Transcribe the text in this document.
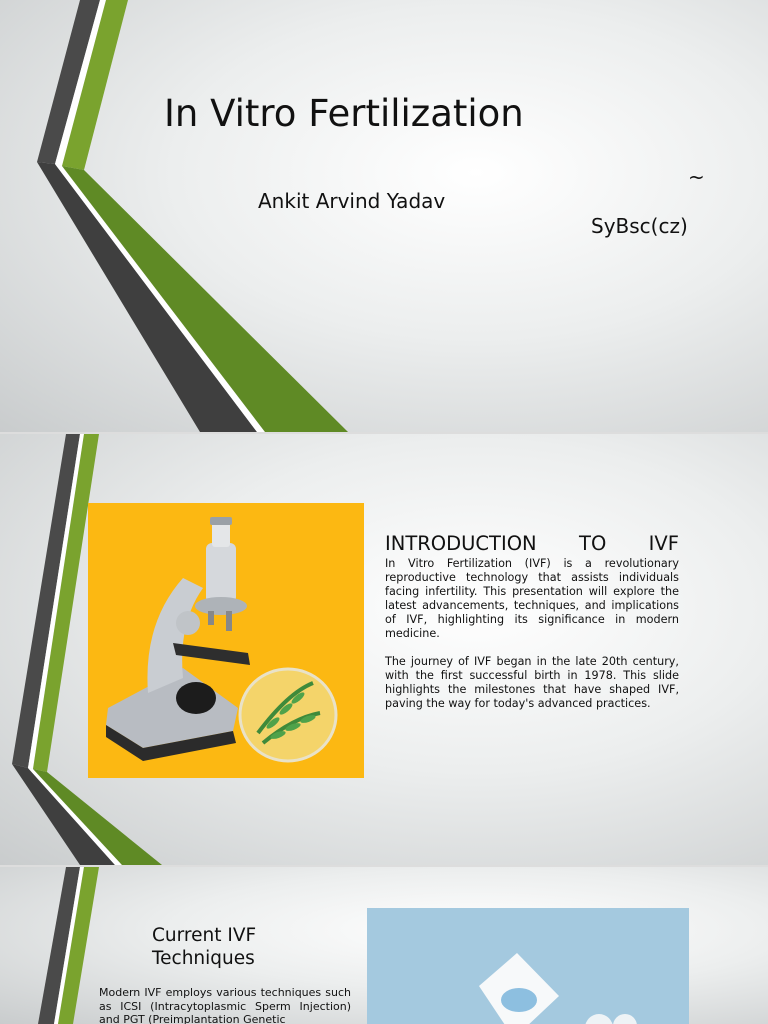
In Vitro Fertilization
Ankit Arvind Yadav
~
SyBsc(cz)
INTRODUCTION TO IVF

In Vitro Fertilization (IVF) is a revolutionary reproductive technology that assists individuals facing infertility. This presentation will explore the latest advancements, techniques, and implications of IVF, highlighting its significance in modern medicine.

The journey of IVF began in the late 20th century, with the first successful birth in 1978. This slide highlights the milestones that have shaped IVF, paving the way for today's advanced practices.

Current IVF Techniques
Modern IVF employs various techniques such as ICSI (Intracytoplasmic Sperm Injection) and PGT (Preimplantation Genetic
